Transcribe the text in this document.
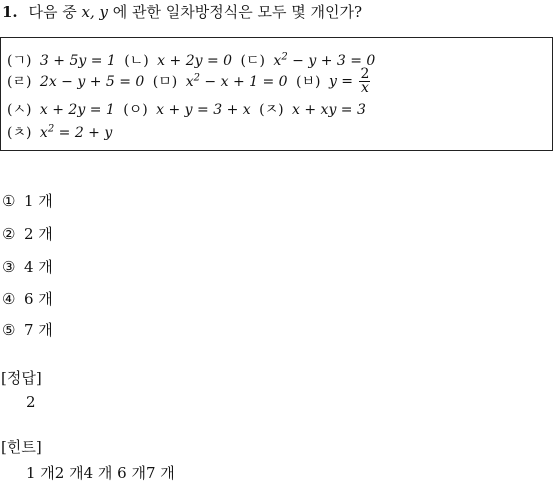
1. 다음 중 x, y 에 관한 일차방정식은 모두 몇 개인가?
(ㄱ) 3 + 5y = 1 (ㄴ) x + 2y = 0 (ㄷ) $x^2 - y + 3 = 0$
(ㄹ) 2x − y + 5 = 0 (ㅁ) $x^2 - x + 1 = 0$ (ㅂ) $y = \frac{2}{x}$
(ㅅ) x + 2y = 1 (ㅇ) x + y = 3 + x (ㅈ) x + xy = 3
(ㅊ) $x^2 = 2 + y$
① 1 개
② 2 개
③ 4 개
④ 6 개
⑤ 7 개
[정답]
2
[힌트]
1 개2 개4 개 6 개7 개
